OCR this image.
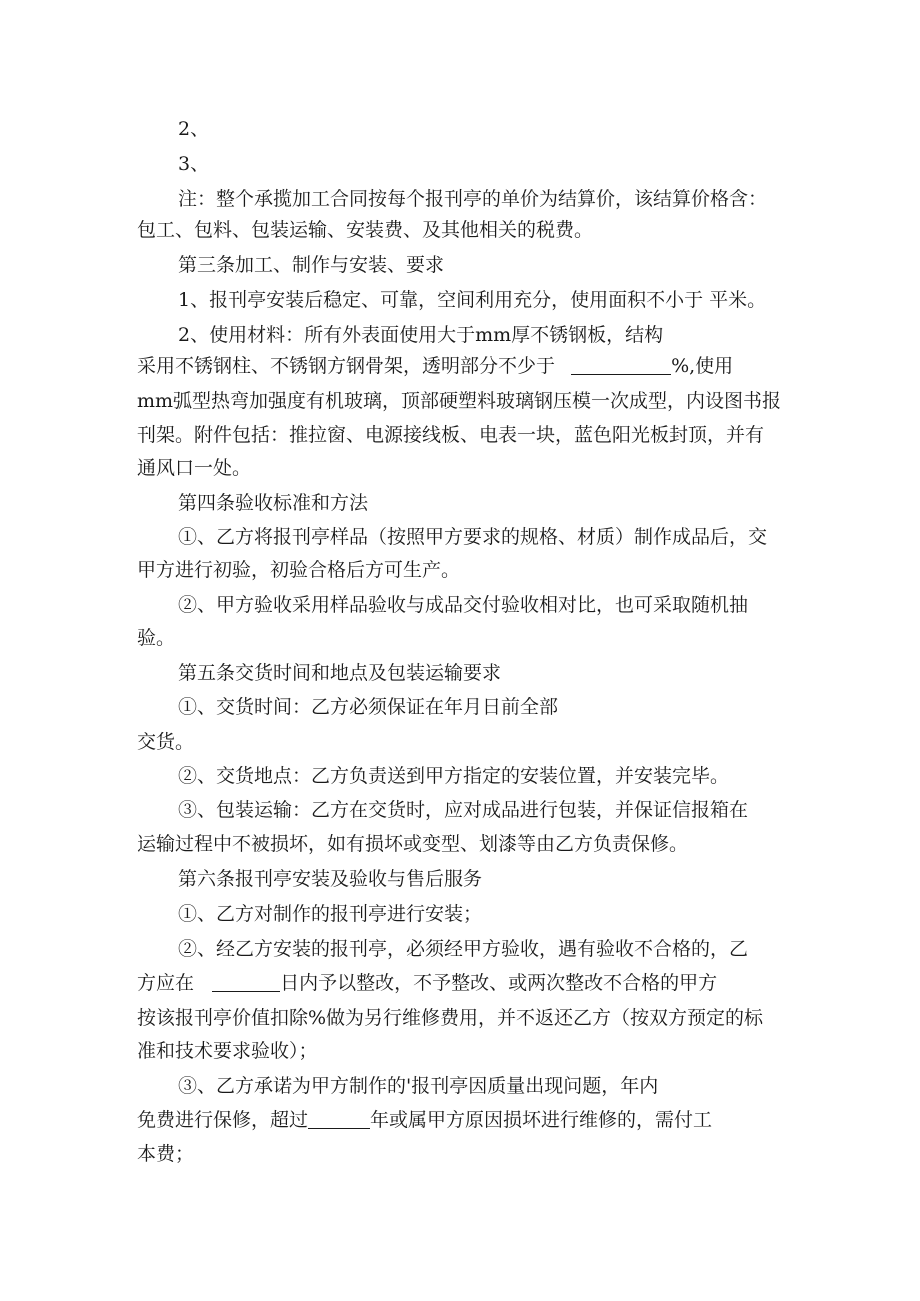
2、
3、
注：整个承揽加工合同按每个报刊亭的单价为结算价，该结算价格含：
包工、包料、包装运输、安装费、及其他相关的税费。
第三条加工、制作与安装、要求
1、报刊亭安装后稳定、可靠，空间利用充分，使用面积不小于 平米。
2、使用材料：所有外表面使用大于mm厚不锈钢板，结构
采用不锈钢柱、不锈钢方钢骨架，透明部分不少于	%,使用
mm弧型热弯加强度有机玻璃，顶部硬塑料玻璃钢压模一次成型，内设图书报
刊架。附件包括：推拉窗、电源接线板、电表一块，蓝色阳光板封顶，并有
通风口一处。
第四条验收标准和方法
①、乙方将报刊亭样品（按照甲方要求的规格、材质）制作成品后，交
甲方进行初验，初验合格后方可生产。
②、甲方验收采用样品验收与成品交付验收相对比，也可采取随机抽
验。
第五条交货时间和地点及包装运输要求
①、交货时间：乙方必须保证在年月日前全部
交货。
②、交货地点：乙方负责送到甲方指定的安装位置，并安装完毕。
③、包装运输：乙方在交货时，应对成品进行包装，并保证信报箱在
运输过程中不被损坏，如有损坏或变型、划漆等由乙方负责保修。
第六条报刊亭安装及验收与售后服务
①、乙方对制作的报刊亭进行安装；
②、经乙方安装的报刊亭，必须经甲方验收，遇有验收不合格的，乙
方应在	日内予以整改，不予整改、或两次整改不合格的甲方
按该报刊亭价值扣除%做为另行维修费用，并不返还乙方（按双方预定的标
准和技术要求验收）；
③、乙方承诺为甲方制作的'报刊亭因质量出现问题，年内
免费进行保修，超过	年或属甲方原因损坏进行维修的，需付工
本费；
